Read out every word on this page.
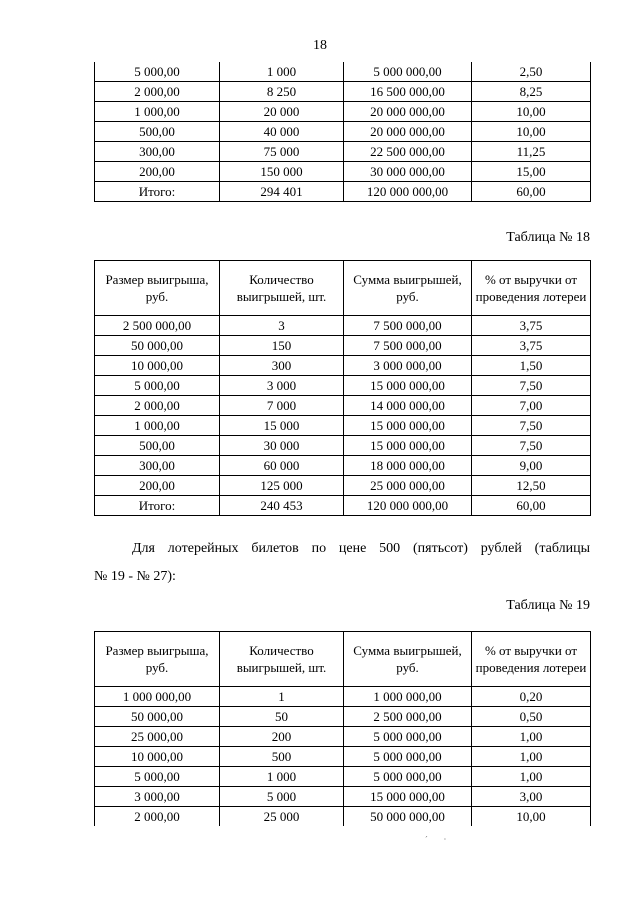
18
5 000,00	1 000	5 000 000,00	2,50
2 000,00	8 250	16 500 000,00	8,25
1 000,00	20 000	20 000 000,00	10,00
500,00	40 000	20 000 000,00	10,00
300,00	75 000	22 500 000,00	11,25
200,00	150 000	30 000 000,00	15,00
Итого:	294 401	120 000 000,00	60,00
Таблица № 18
Размер выигрыша, руб.	Количество выигрышей, шт.	Сумма выигрышей, руб.	% от выручки от проведения лотереи
2 500 000,00	3	7 500 000,00	3,75
50 000,00	150	7 500 000,00	3,75
10 000,00	300	3 000 000,00	1,50
5 000,00	3 000	15 000 000,00	7,50
2 000,00	7 000	14 000 000,00	7,00
1 000,00	15 000	15 000 000,00	7,50
500,00	30 000	15 000 000,00	7,50
300,00	60 000	18 000 000,00	9,00
200,00	125 000	25 000 000,00	12,50
Итого:	240 453	120 000 000,00	60,00
Для лотерейных билетов по цене 500 (пятьсот) рублей (таблицы
№ 19 - № 27):
Таблица № 19
Размер выигрыша, руб.	Количество выигрышей, шт.	Сумма выигрышей, руб.	% от выручки от проведения лотереи
1 000 000,00	1	1 000 000,00	0,20
50 000,00	50	2 500 000,00	0,50
25 000,00	200	5 000 000,00	1,00
10 000,00	500	5 000 000,00	1,00
5 000,00	1 000	5 000 000,00	1,00
3 000,00	5 000	15 000 000,00	3,00
2 000,00	25 000	50 000 000,00	10,00
ˊ        ·
